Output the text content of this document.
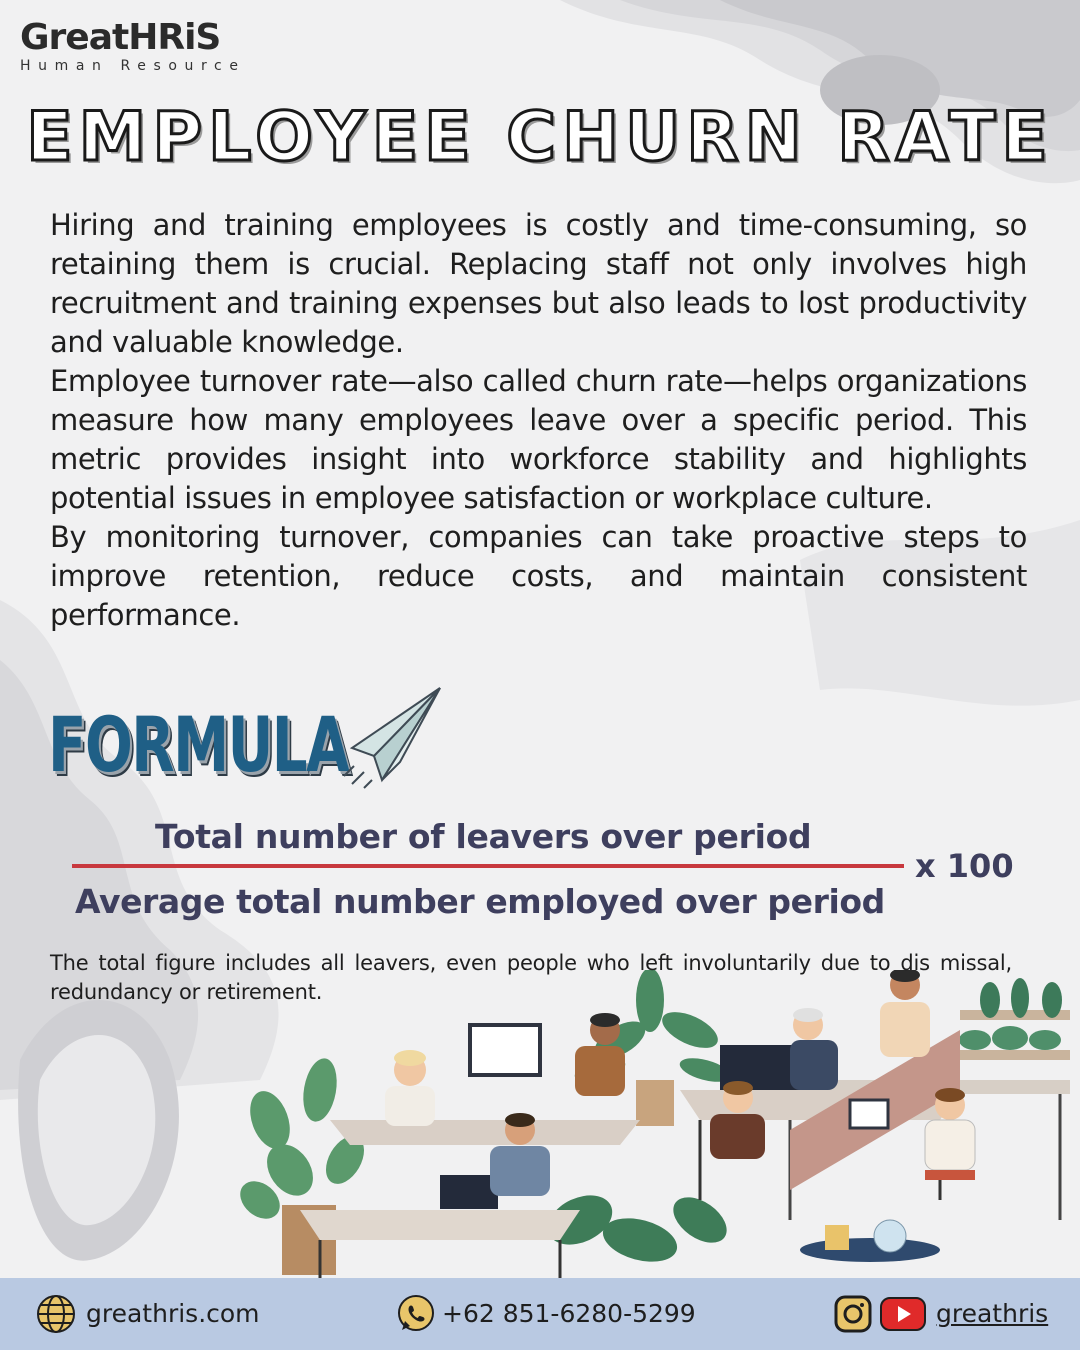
GreatHRiS
Human Resource
EMPLOYEE CHURN RATE

Hiring and training employees is costly and time-consuming, so retaining them is crucial. Replacing staff not only involves high recruitment and training expenses but also leads to lost productivity and valuable knowledge.

Employee turnover rate—also called churn rate—helps organizations measure how many employees leave over a specific period. This metric provides insight into workforce stability and highlights potential issues in employee satisfaction or workplace culture.

By monitoring turnover, companies can take proactive steps to improve retention, reduce costs, and maintain consistent performance.

FORMULA
Total number of leavers over period
x 100
Average total number employed over period

The total figure includes all leavers, even people who left involuntarily due to dis missal, redundancy or retirement.

greathris.com	+62 851-6280-5299	greathris
